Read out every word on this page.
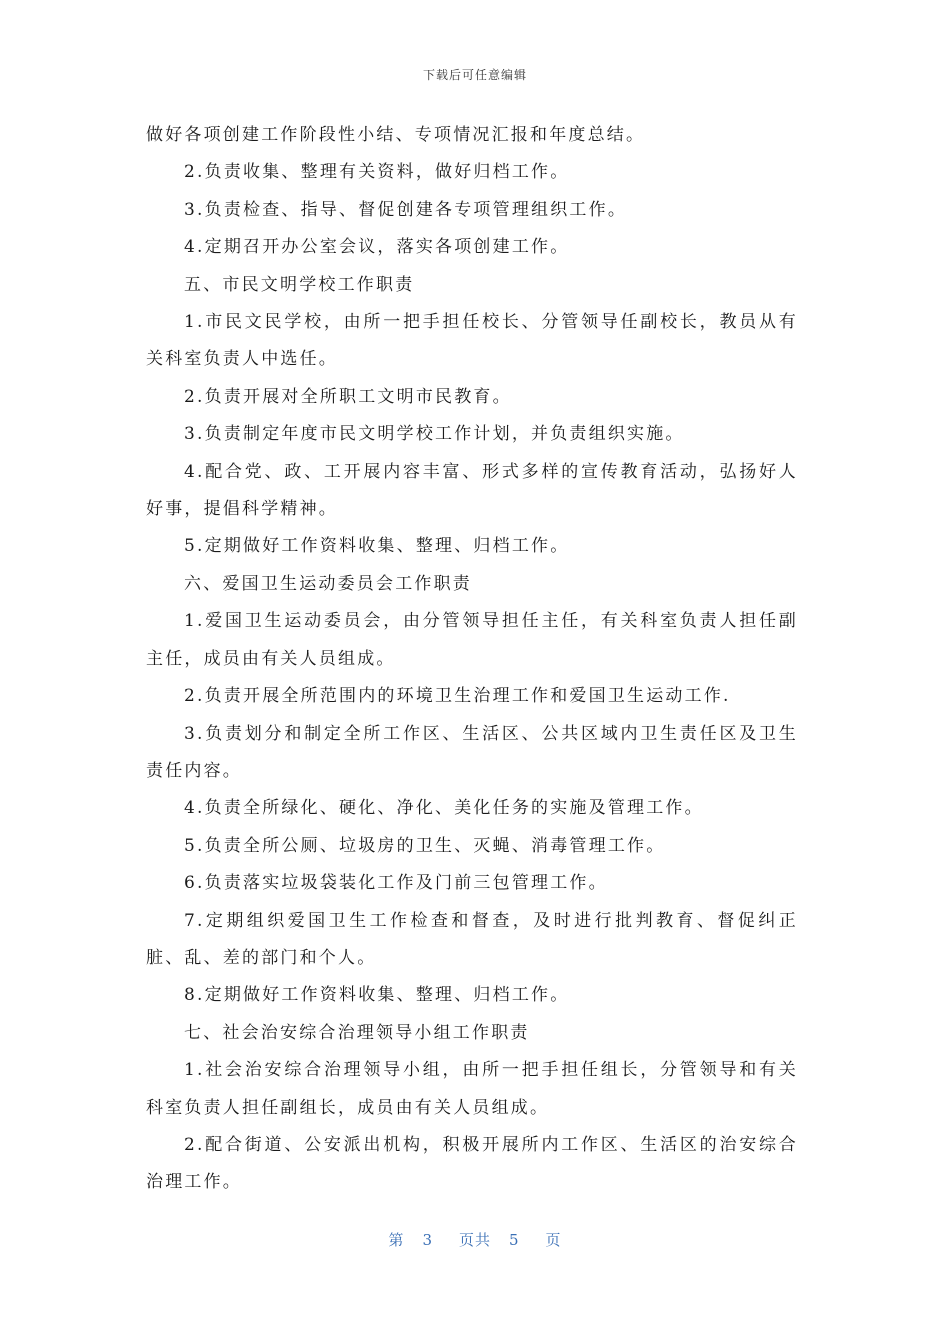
下载后可任意编辑

做好各项创建工作阶段性小结、专项情况汇报和年度总结。

2.负责收集、整理有关资料，做好归档工作。

3.负责检查、指导、督促创建各专项管理组织工作。

4.定期召开办公室会议，落实各项创建工作。

五、市民文明学校工作职责

1.市民文民学校，由所一把手担任校长、分管领导任副校长，教员从有关科室负责人中选任。

2.负责开展对全所职工文明市民教育。

3.负责制定年度市民文明学校工作计划，并负责组织实施。

4.配合党、政、工开展内容丰富、形式多样的宣传教育活动，弘扬好人好事，提倡科学精神。

5.定期做好工作资料收集、整理、归档工作。

六、爱国卫生运动委员会工作职责

1.爱国卫生运动委员会，由分管领导担任主任，有关科室负责人担任副主任，成员由有关人员组成。

2.负责开展全所范围内的环境卫生治理工作和爱国卫生运动工作.

3.负责划分和制定全所工作区、生活区、公共区域内卫生责任区及卫生责任内容。

4.负责全所绿化、硬化、净化、美化任务的实施及管理工作。

5.负责全所公厕、垃圾房的卫生、灭蝇、消毒管理工作。

6.负责落实垃圾袋装化工作及门前三包管理工作。

7.定期组织爱国卫生工作检查和督查，及时进行批判教育、督促纠正脏、乱、差的部门和个人。

8.定期做好工作资料收集、整理、归档工作。

七、社会治安综合治理领导小组工作职责

1.社会治安综合治理领导小组，由所一把手担任组长，分管领导和有关科室负责人担任副组长，成员由有关人员组成。

2.配合街道、公安派出机构，积极开展所内工作区、生活区的治安综合治理工作。

第 3 页共 5 页
